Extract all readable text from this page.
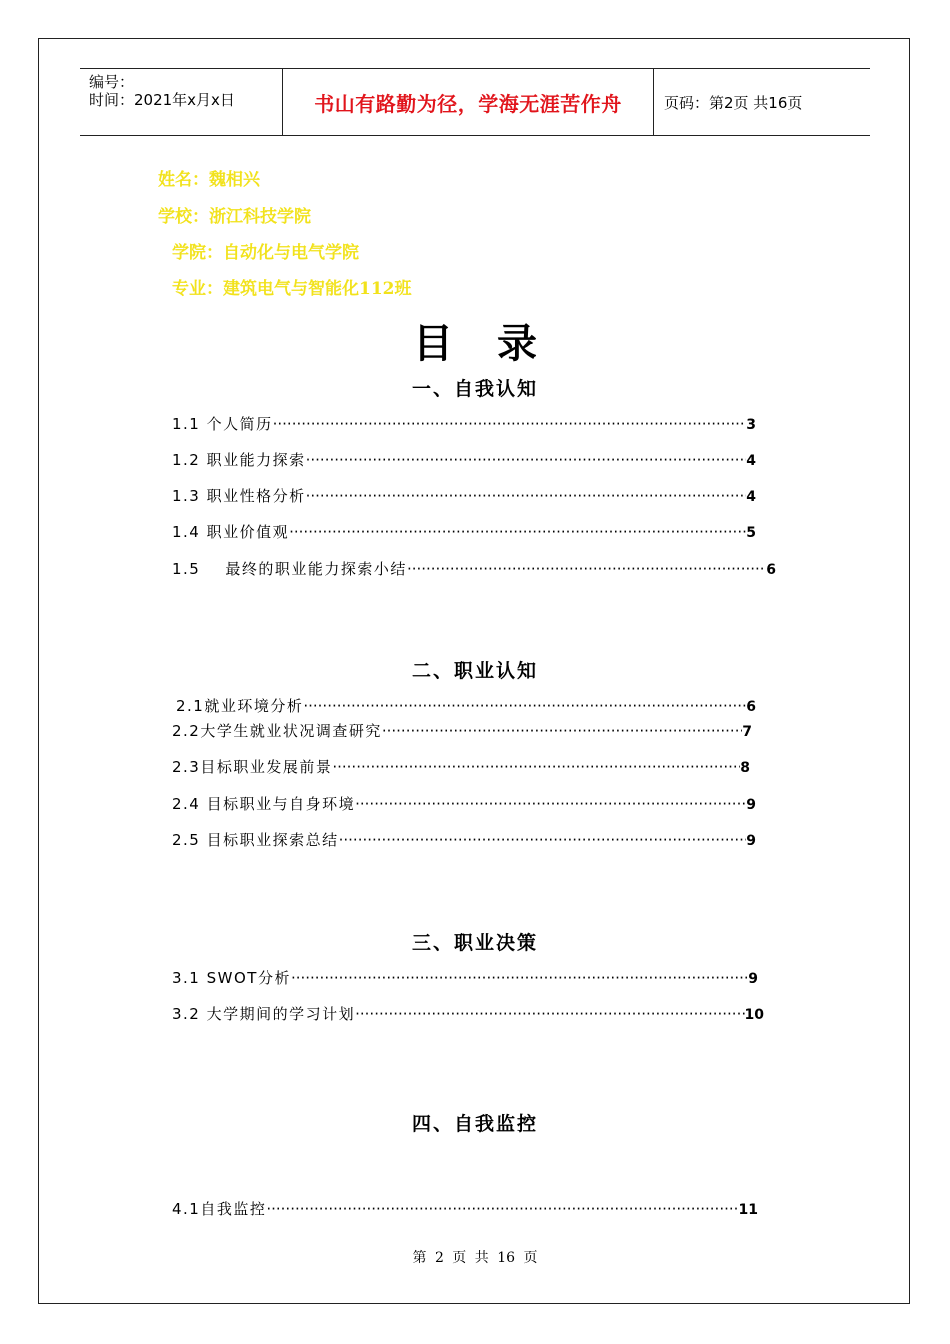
编号：
时间：2021年x月x日	书山有路勤为径，学海无涯苦作舟	页码：第2页 共16页
姓名：魏相兴
学校：浙江科技学院
学院：自动化与电气学院
专业：建筑电气与智能化112班
目录
一、自我认知
1.1 个人简历 ·····	3
1.2 职业能力探索 ·····	4
1.3 职业性格分析 ·····	4
1.4 职业价值观 ·····	5
1.5    最终的职业能力探索小结 ·····	6
二、职业认知
2.1就业环境分析 ·····	6
2.2大学生就业状况调查研究 ·····	7
2.3目标职业发展前景 ·····	8
2.4 目标职业与自身环境 ·····	9
2.5 目标职业探索总结 ·····	9
三、职业决策
3.1 SWOT分析 ·····	9
3.2 大学期间的学习计划 ·····	10
四、自我监控
4.1自我监控 ·····	11
第 2 页 共 16 页
